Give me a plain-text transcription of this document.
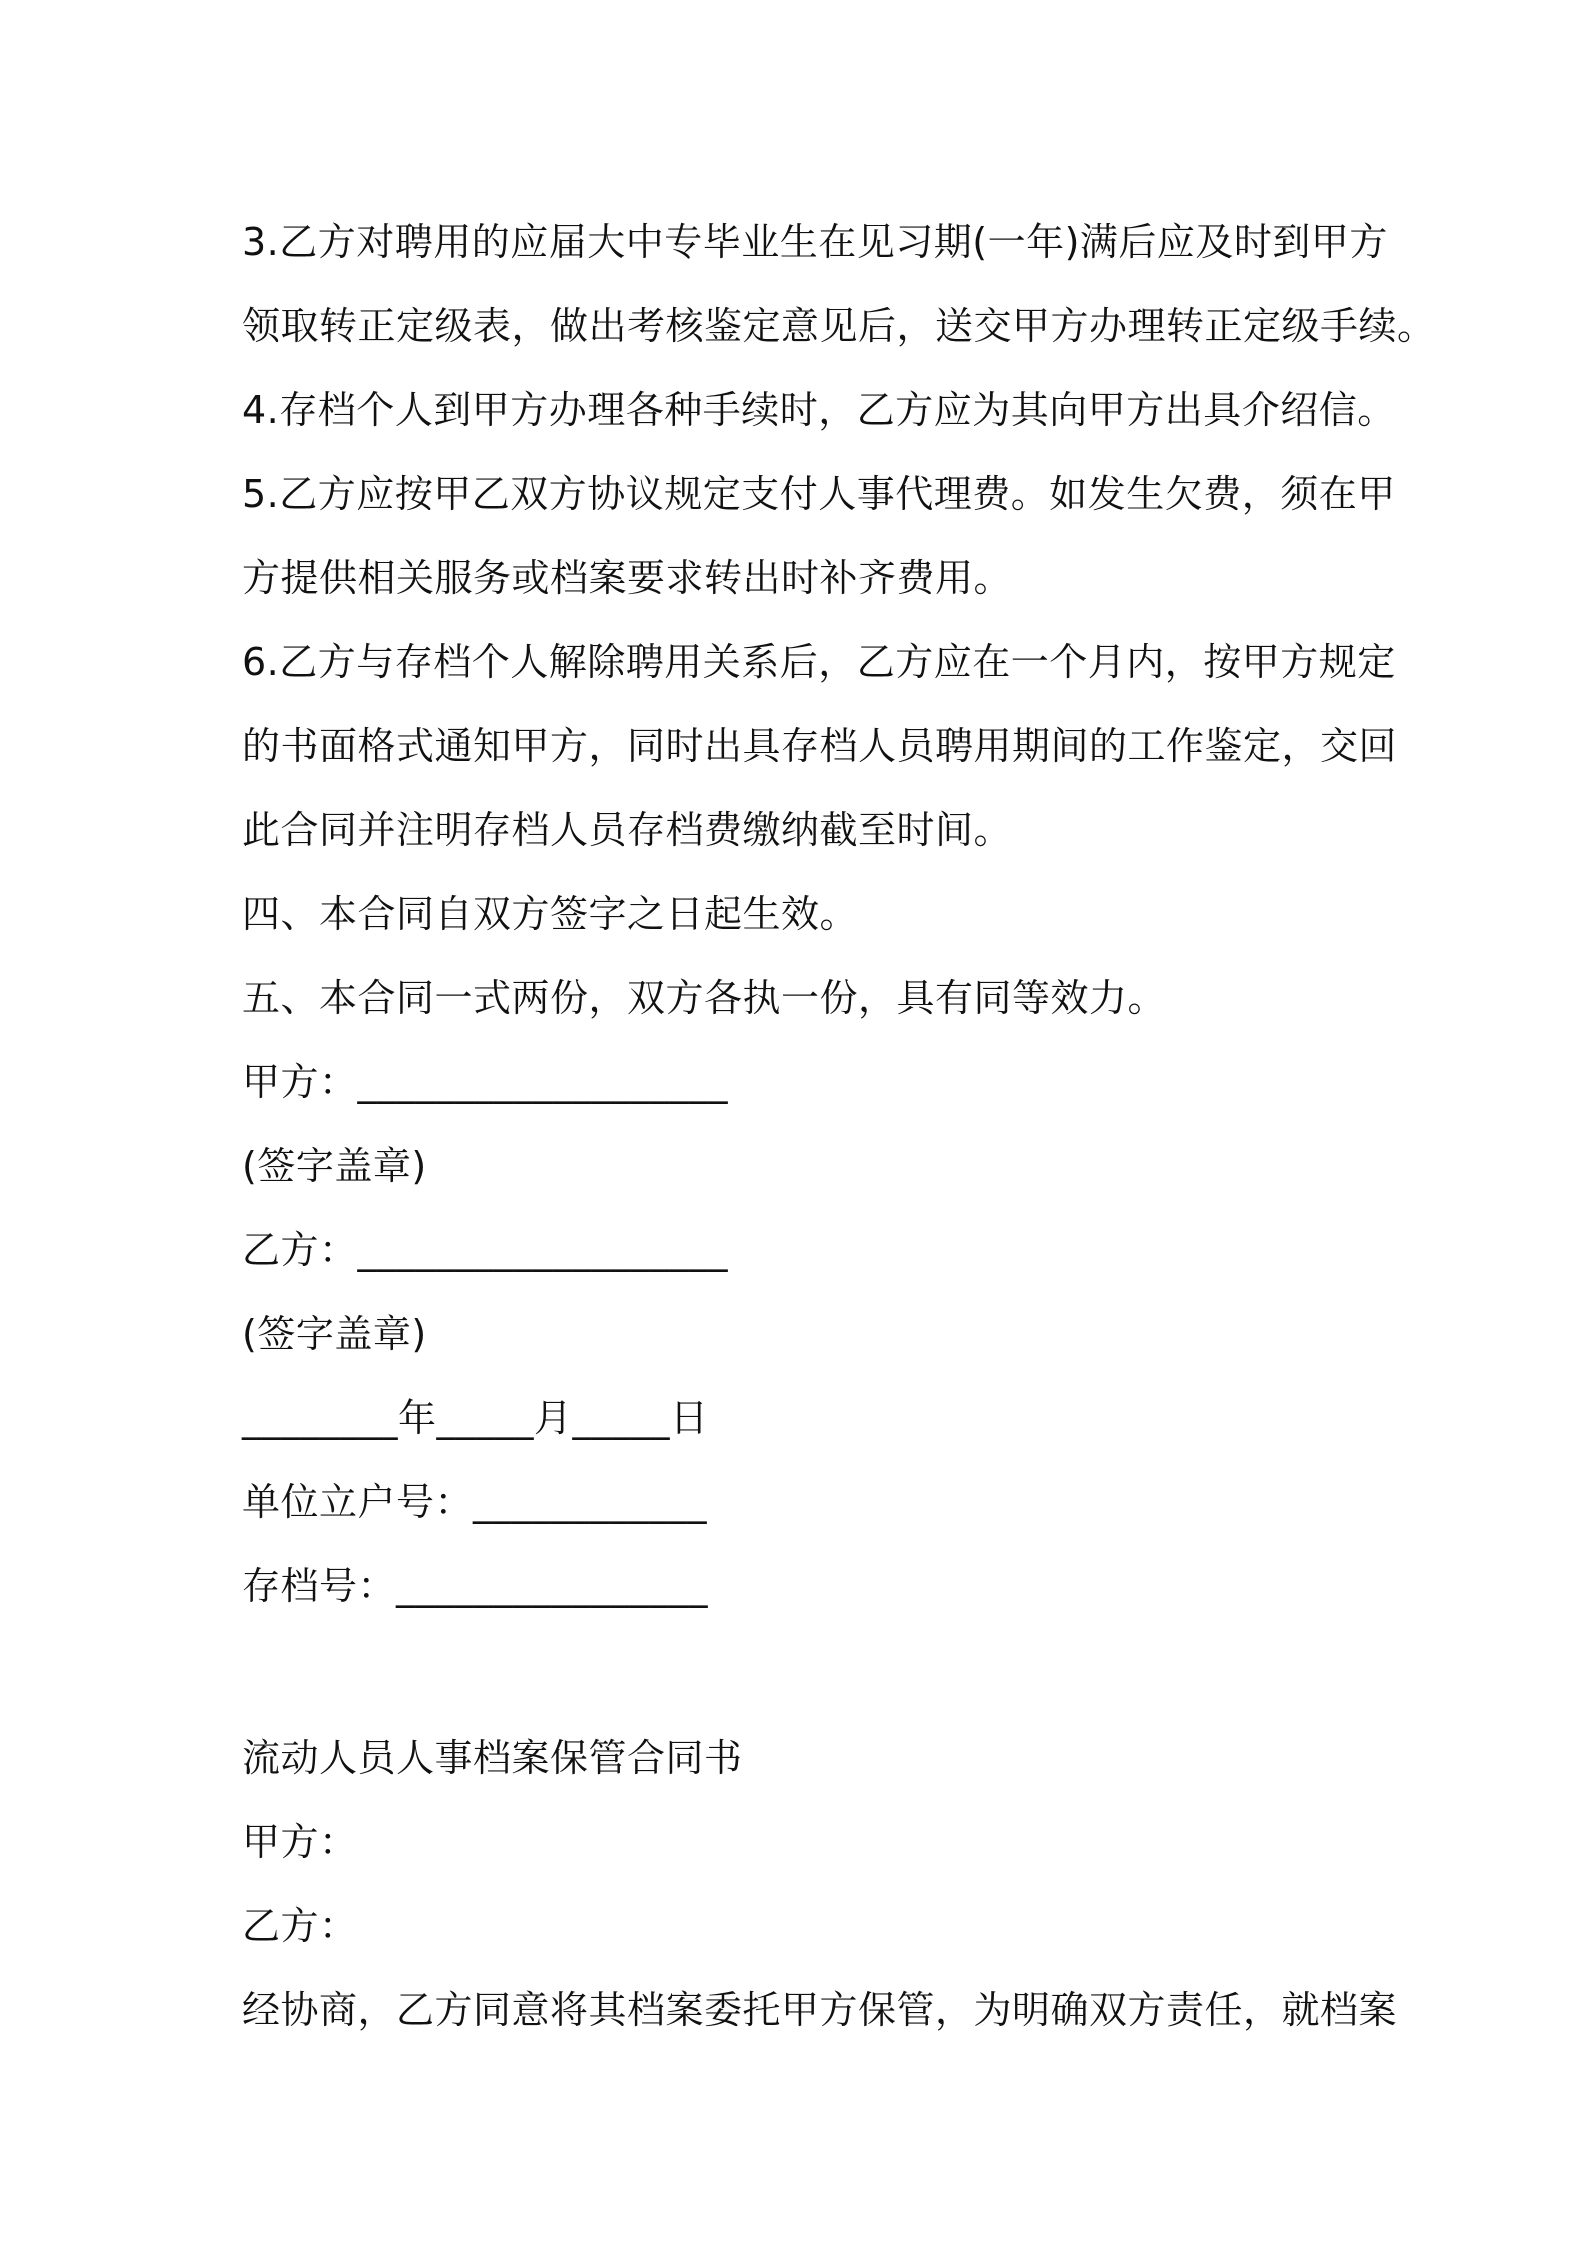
3.乙方对聘用的应届大中专毕业生在见习期(一年)满后应及时到甲方
领取转正定级表，做出考核鉴定意见后，送交甲方办理转正定级手续。
4.存档个人到甲方办理各种手续时，乙方应为其向甲方出具介绍信。
5.乙方应按甲乙双方协议规定支付人事代理费。如发生欠费，须在甲
方提供相关服务或档案要求转出时补齐费用。
6.乙方与存档个人解除聘用关系后，乙方应在一个月内，按甲方规定
的书面格式通知甲方，同时出具存档人员聘用期间的工作鉴定，交回
此合同并注明存档人员存档费缴纳截至时间。
四、本合同自双方签字之日起生效。
五、本合同一式两份，双方各执一份，具有同等效力。
甲方：___________________
(签字盖章)
乙方：___________________
(签字盖章)
________年_____月_____日
单位立户号：____________
存档号：________________
流动人员人事档案保管合同书
甲方：
乙方：
经协商，乙方同意将其档案委托甲方保管，为明确双方责任，就档案
